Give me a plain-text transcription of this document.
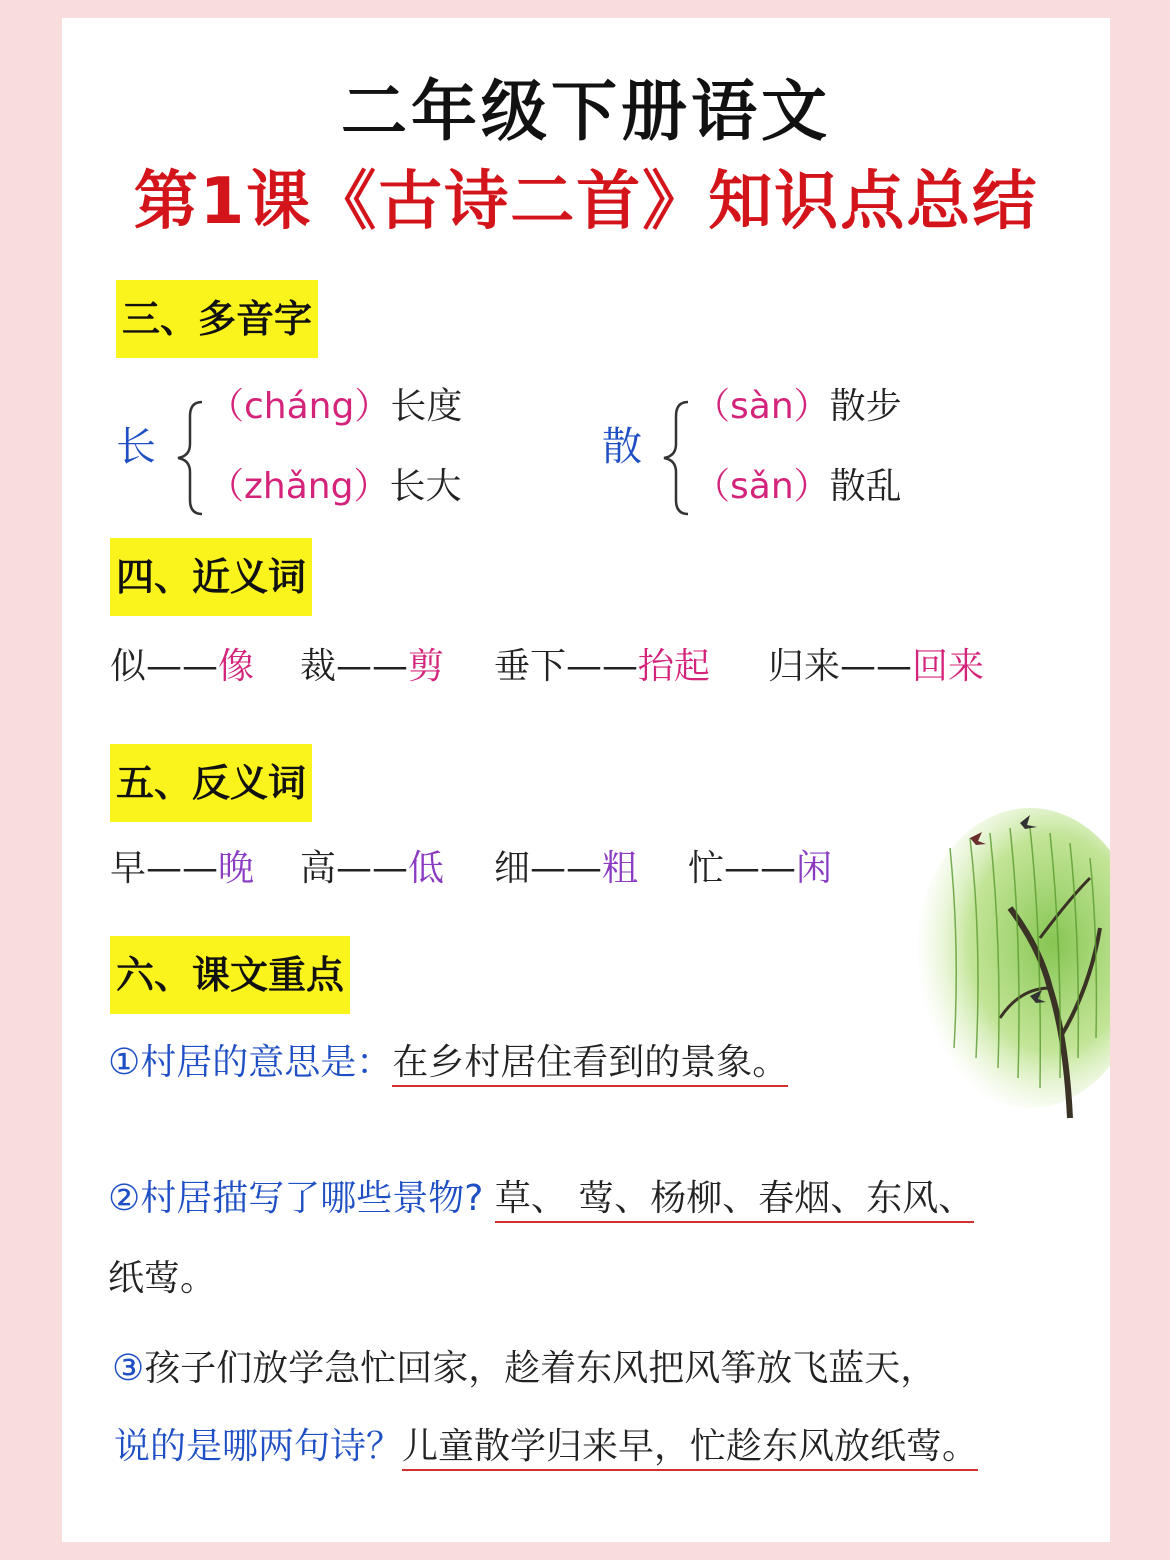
二年级下册语文
第1课《古诗二首》知识点总结
三、多音字
长
（cháng）长度
（zhǎng）长大
散
（sàn）散步
（sǎn）散乱
四、近义词
似——像 裁——剪 垂下——抬起 归来——回来
五、反义词
早——晚 高——低 细——粗 忙——闲
六、课文重点
①村居的意思是：在乡村居住看到的景象。
②村居描写了哪些景物? 草、 莺、杨柳、春烟、东风、
纸莺。
③孩子们放学急忙回家，趁着东风把风筝放飞蓝天，
说的是哪两句诗？儿童散学归来早，忙趁东风放纸莺。
